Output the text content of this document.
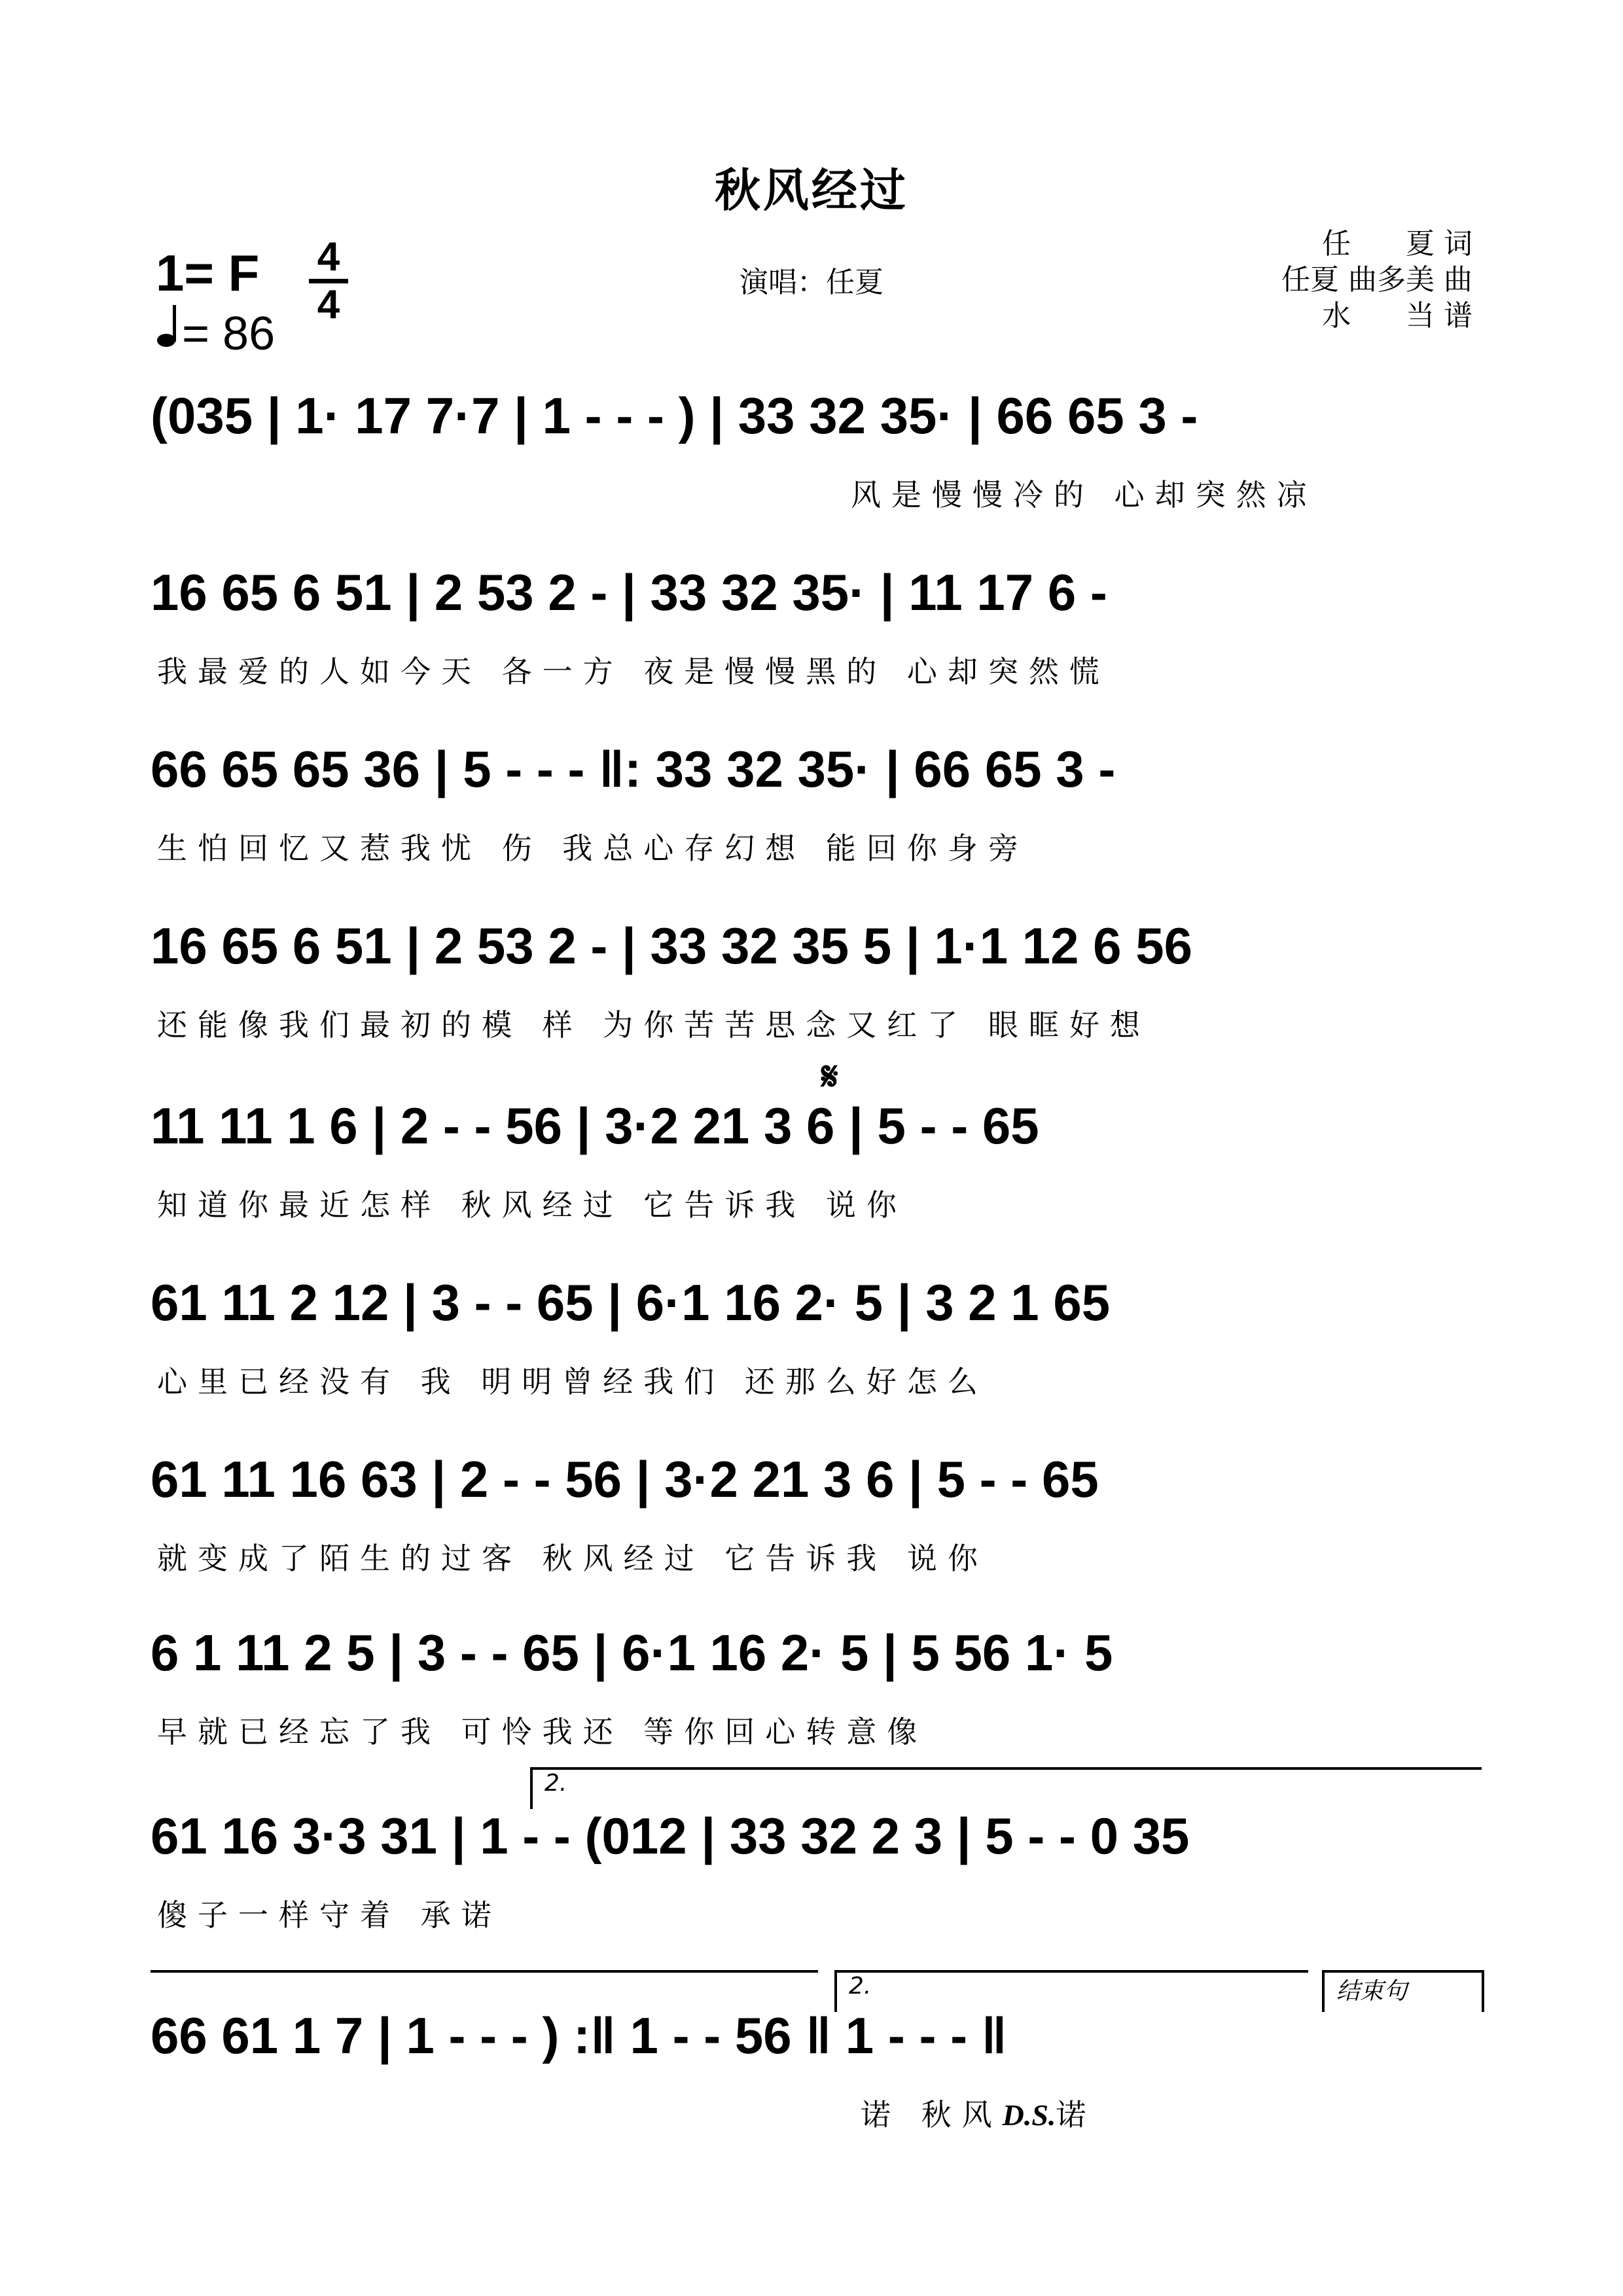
秋风经过
1= F 4
4
= 86
演唱：任夏
任      夏 词
任夏 曲多美 曲
水      当 谱
(035 | 1· 17 7·7 | 1 - - - ) | 33 32 35· | 66 65 3 -
风是慢慢冷的 心却突然凉
16 65 6 51 | 2 53 2 - | 33 32 35· | 11 17 6 -
我最爱的人如今天 各一方 夜是慢慢黑的 心却突然慌
66 65 65 36 | 5 - - - ‖: 33 32 35· | 66 65 3 -
生怕回忆又惹我忧 伤 我总心存幻想 能回你身旁
16 65 6 51 | 2 53 2 - | 33 32 35 5 | 1·1 12 6 56
还能像我们最初的模 样 为你苦苦思念又红了 眼眶好想
𝄋
11 11 1 6 | 2 - - 56 | 3·2 21 3 6 | 5 - - 65
知道你最近怎样 秋风经过 它告诉我 说你
61 11 2 12 | 3 - - 65 | 6·1 16 2· 5 | 3 2 1 65
心里已经没有 我 明明曾经我们 还那么好怎么
61 11 16 63 | 2 - - 56 | 3·2 21 3 6 | 5 - - 65
就变成了陌生的过客 秋风经过 它告诉我 说你
6 1 11 2 5 | 3 - - 65 | 6·1 16 2· 5 | 5 56 1· 5
早就已经忘了我 可怜我还 等你回心转意像
2.
61 16 3·3 31 | 1 - - (012 | 33 32 2 3 | 5 - - 0 35
傻子一样守着 承诺
2.	结束句
66 61 1 7 | 1 - - - ) :‖ 1 - - 56 ‖ 1 - - - ‖
诺 秋风D.S.诺
